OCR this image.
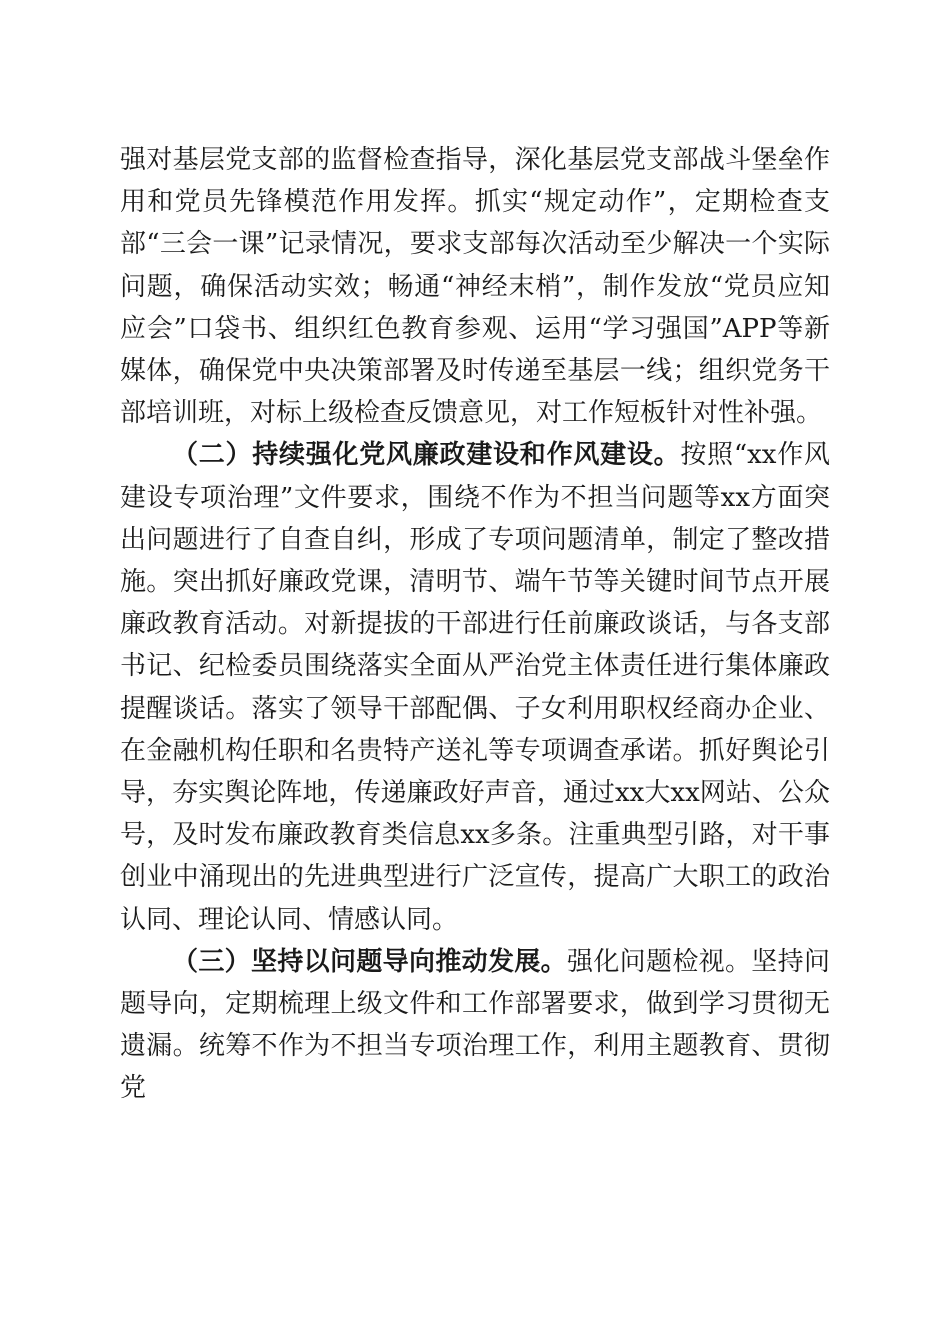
强对基层党支部的监督检查指导，深化基层党支部战斗堡垒作用和党员先锋模范作用发挥。抓实“规定动作”，定期检查支部“三会一课”记录情况，要求支部每次活动至少解决一个实际问题，确保活动实效；畅通“神经末梢”，制作发放“党员应知应会”口袋书、组织红色教育参观、运用“学习强国”APP等新媒体，确保党中央决策部署及时传递至基层一线；组织党务干部培训班，对标上级检查反馈意见，对工作短板针对性补强。

（二）持续强化党风廉政建设和作风建设。按照“xx作风建设专项治理”文件要求，围绕不作为不担当问题等xx方面突出问题进行了自查自纠，形成了专项问题清单，制定了整改措施。突出抓好廉政党课，清明节、端午节等关键时间节点开展廉政教育活动。对新提拔的干部进行任前廉政谈话，与各支部书记、纪检委员围绕落实全面从严治党主体责任进行集体廉政提醒谈话。落实了领导干部配偶、子女利用职权经商办企业、在金融机构任职和名贵特产送礼等专项调查承诺。抓好舆论引导，夯实舆论阵地，传递廉政好声音，通过xx大xx网站、公众号，及时发布廉政教育类信息xx多条。注重典型引路，对干事创业中涌现出的先进典型进行广泛宣传，提高广大职工的政治认同、理论认同、情感认同。

（三）坚持以问题导向推动发展。强化问题检视。坚持问题导向，定期梳理上级文件和工作部署要求，做到学习贯彻无遗漏。统筹不作为不担当专项治理工作，利用主题教育、贯彻党
